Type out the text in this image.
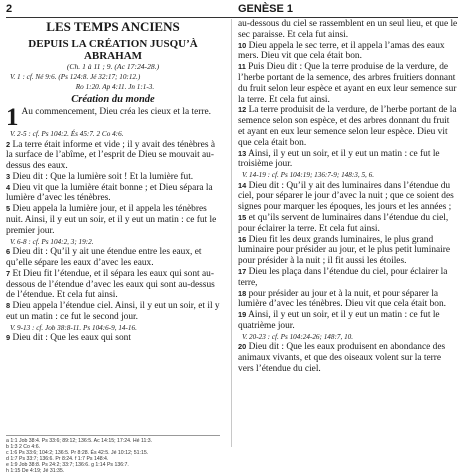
2	GENÈSE 1
LES TEMPS ANCIENS
DEPUIS LA CRÉATION JUSQU’À
ABRAHAM
(Ch. 1 à 11 ; 9. (Ac 17:24-28.)
V. 1 : cf. Né 9:6. (Ps 124:8. Jé 32:17; 10:12.)
Ro 1:20. Ap 4:11. Jn 1:1-3.
Création du monde
1 Au commencement, Dieu créa les cieux et la terre.
V. 2-5 : cf. Ps 104:2. És 45:7. 2 Co 4:6.

2 La terre était informe et vide ; il y avait des ténèbres à la surface de l’abîme, et l’esprit de Dieu se mouvait au-dessus des eaux.

3 Dieu dit : Que la lumière soit ! Et la lumière fut.

4 Dieu vit que la lumière était bonne ; et Dieu sépara la lumière d’avec les ténèbres.

5 Dieu appela la lumière jour, et il appela les ténèbres nuit. Ainsi, il y eut un soir, et il y eut un matin : ce fut le premier jour.

V. 6-8 : cf. Ps 104:2, 3; 19:2.

6 Dieu dit : Qu’il y ait une étendue entre les eaux, et qu’elle sépare les eaux d’avec les eaux.

7 Et Dieu fit l’étendue, et il sépara les eaux qui sont au-dessous de l’étendue d’avec les eaux qui sont au-dessus de l’étendue. Et cela fut ainsi.

8 Dieu appela l’étendue ciel. Ainsi, il y eut un soir, et il y eut un matin : ce fut le second jour.

V. 9-13 : cf. Job 38:8-11. Ps 104:6-9, 14-16.

9 Dieu dit : Que les eaux qui sont

a 1:1 Job 38:4. Ps 33:6; 89:12; 136:5. Ac 14:15; 17:24. Hé 11:3.
b 1:3 2 Co 4:6.
c 1:6 Ps 33:6; 104:2; 136:5. Pr 8:28. És 42:5. Jé 10:12; 51:15.
d 1:7 Ps 33:7; 136:6. Pr 8:24. f 1:7 Ps 148:4.
e 1:9 Job 38:8. Ps 24:2; 33:7; 136:6. g 1:14 Ps 136:7.
h 1:15 De 4:19; Jé 31:35.

au-dessous du ciel se rassemblent en un seul lieu, et que le sec paraisse. Et cela fut ainsi.

10 Dieu appela le sec terre, et il appela l’amas des eaux mers. Dieu vit que cela était bon.

11 Puis Dieu dit : Que la terre produise de la verdure, de l’herbe portant de la semence, des arbres fruitiers donnant du fruit selon leur espèce et ayant en eux leur semence sur la terre. Et cela fut ainsi.

12 La terre produisit de la verdure, de l’herbe portant de la semence selon son espèce, et des arbres donnant du fruit et ayant en eux leur semence selon leur espèce. Dieu vit que cela était bon.

13 Ainsi, il y eut un soir, et il y eut un matin : ce fut le troisième jour.

V. 14-19 : cf. Ps 104:19; 136:7-9; 148:3, 5, 6.

14 Dieu dit : Qu’il y ait des luminaires dans l’étendue du ciel, pour séparer le jour d’avec la nuit ; que ce soient des signes pour marquer les époques, les jours et les années ;

15 et qu’ils servent de luminaires dans l’étendue du ciel, pour éclairer la terre. Et cela fut ainsi.

16 Dieu fit les deux grands luminaires, le plus grand luminaire pour présider au jour, et le plus petit luminaire pour présider à la nuit ; il fit aussi les étoiles.

17 Dieu les plaça dans l’étendue du ciel, pour éclairer la terre,

18 pour présider au jour et à la nuit, et pour séparer la lumière d’avec les ténèbres. Dieu vit que cela était bon.

19 Ainsi, il y eut un soir, et il y eut un matin : ce fut le quatrième jour.

V. 20-23 : cf. Ps 104:24-26; 148:7, 10.

20 Dieu dit : Que les eaux produisent en abondance des animaux vivants, et que des oiseaux volent sur la terre vers l’étendue du ciel.
